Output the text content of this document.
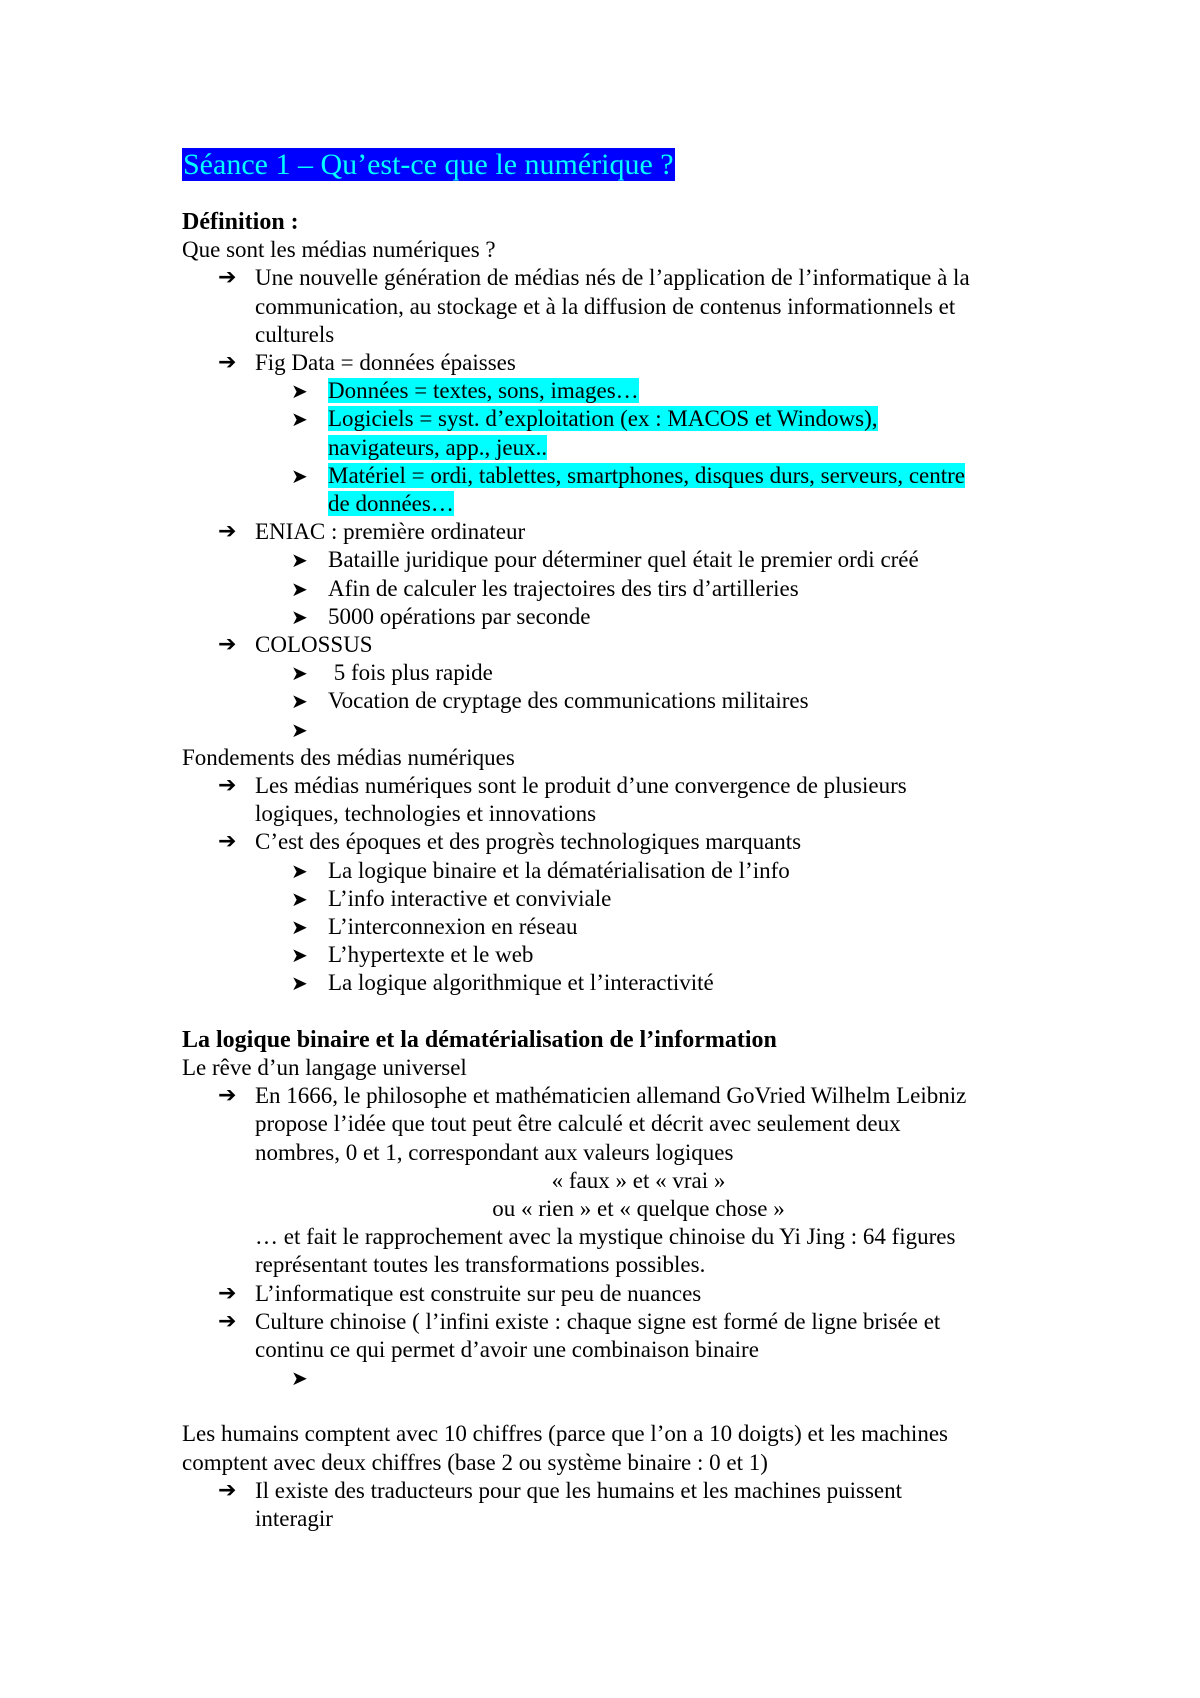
Séance 1 – Qu’est-ce que le numérique ?
Définition :
Que sont les médias numériques ?
➔ Une nouvelle génération de médias nés de l’application de l’informatique à la
communication, au stockage et à la diffusion de contenus informationnels et
culturels
➔ Fig Data = données épaisses
➤ Données = textes, sons, images…
➤ Logiciels = syst. d’exploitation (ex : MACOS et Windows),
navigateurs, app., jeux..
➤ Matériel = ordi, tablettes, smartphones, disques durs, serveurs, centre
de données…
➔ ENIAC : première ordinateur
➤ Bataille juridique pour déterminer quel était le premier ordi créé
➤ Afin de calculer les trajectoires des tirs d’artilleries
➤ 5000 opérations par seconde
➔ COLOSSUS
➤ 5 fois plus rapide
➤ Vocation de cryptage des communications militaires
➤

Fondements des médias numériques
➔ Les médias numériques sont le produit d’une convergence de plusieurs
logiques, technologies et innovations
➔ C’est des époques et des progrès technologiques marquants
➤ La logique binaire et la dématérialisation de l’info
➤ L’info interactive et conviviale
➤ L’interconnexion en réseau
➤ L’hypertexte et le web
➤ La logique algorithmique et l’interactivité
La logique binaire et la dématérialisation de l’information
Le rêve d’un langage universel
➔ En 1666, le philosophe et mathématicien allemand GoVried Wilhelm Leibniz
propose l’idée que tout peut être calculé et décrit avec seulement deux
nombres, 0 et 1, correspondant aux valeurs logiques
« faux » et « vrai »
ou « rien » et « quelque chose »
… et fait le rapprochement avec la mystique chinoise du Yi Jing : 64 figures
représentant toutes les transformations possibles.
➔ L’informatique est construite sur peu de nuances
➔ Culture chinoise ( l’infini existe : chaque signe est formé de ligne brisée et
continu ce qui permet d’avoir une combinaison binaire
➤

Les humains comptent avec 10 chiffres (parce que l’on a 10 doigts) et les machines
comptent avec deux chiffres (base 2 ou système binaire : 0 et 1)
➔ Il existe des traducteurs pour que les humains et les machines puissent
interagir
